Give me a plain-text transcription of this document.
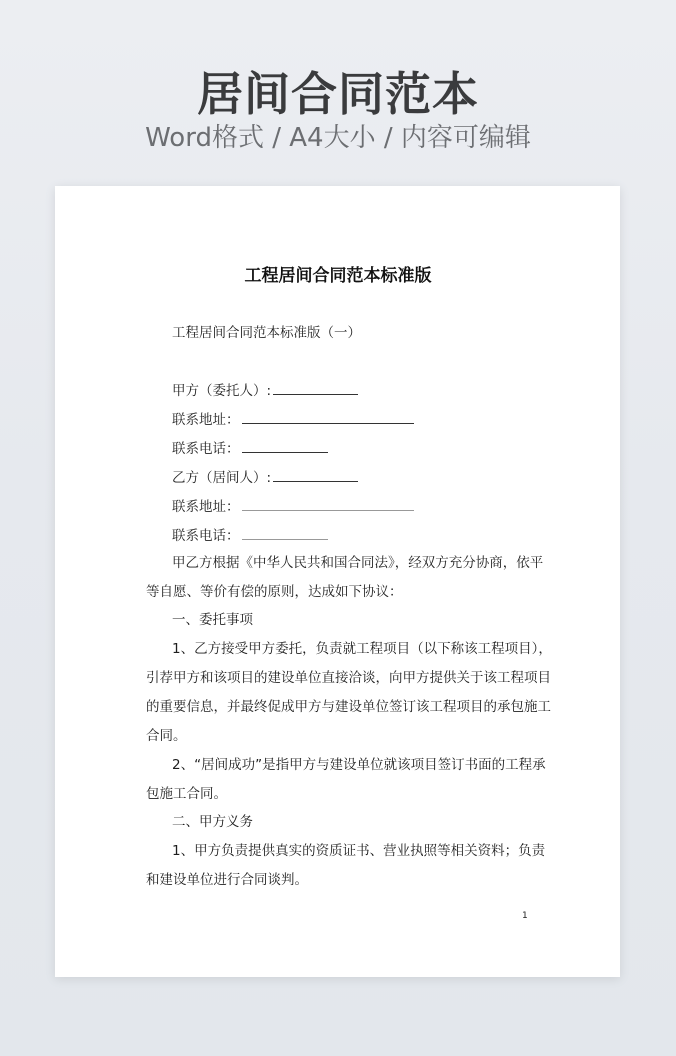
居间合同范本
Word格式 / A4大小 / 内容可编辑
工程居间合同范本标准版
工程居间合同范本标准版（一）
甲方（委托人）:
联系地址：
联系电话：
乙方（居间人）:
联系地址：
联系电话：
甲乙方根据《中华人民共和国合同法》，经双方充分协商，依平
等自愿、等价有偿的原则，达成如下协议：
一、委托事项
1、乙方接受甲方委托，负责就工程项目（以下称该工程项目），
引荐甲方和该项目的建设单位直接洽谈，向甲方提供关于该工程项目
的重要信息，并最终促成甲方与建设单位签订该工程项目的承包施工
合同。
2、“居间成功”是指甲方与建设单位就该项目签订书面的工程承
包施工合同。
二、甲方义务
1、甲方负责提供真实的资质证书、营业执照等相关资料；负责
和建设单位进行合同谈判。
1
